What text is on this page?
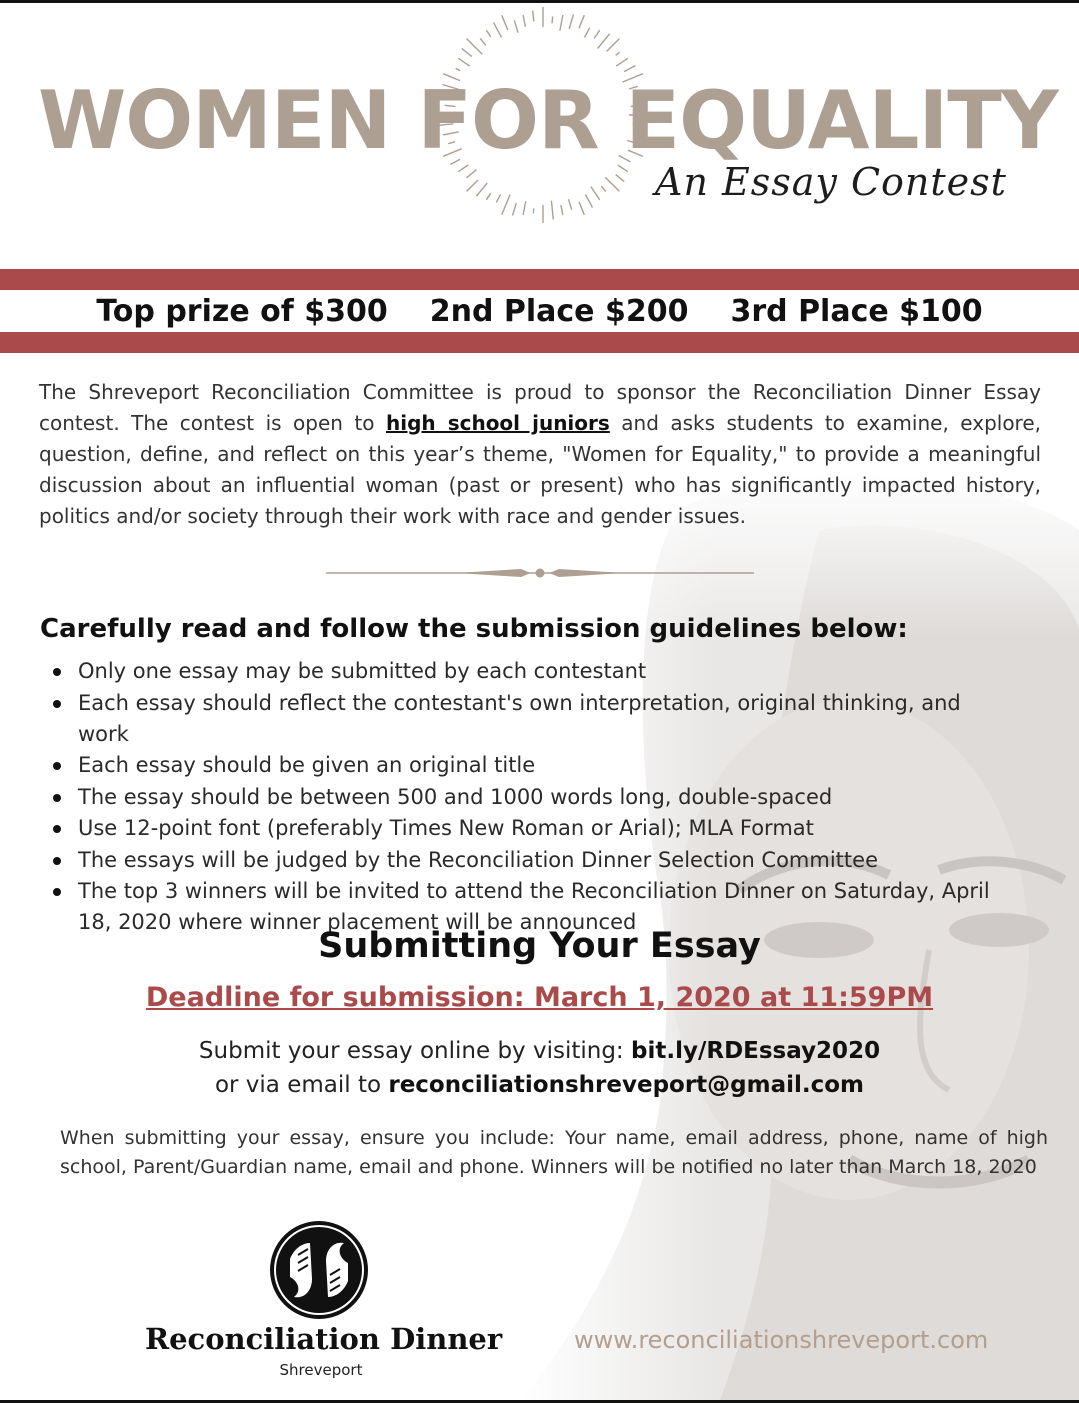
WOMEN FOR EQUALITY
An Essay Contest
Top prize of $300 2nd Place $200 3rd Place $100
The Shreveport Reconciliation Committee is proud to sponsor the Reconciliation Dinner Essay contest. The contest is open to high school juniors and asks students to examine, explore, question, define, and reflect on this year’s theme, "Women for Equality," to provide a meaningful discussion about an influential woman (past or present) who has significantly impacted history, politics and/or society through their work with race and gender issues.
Carefully read and follow the submission guidelines below:
Only one essay may be submitted by each contestant
Each essay should reflect the contestant's own interpretation, original thinking, and work
Each essay should be given an original title
The essay should be between 500 and 1000 words long, double-spaced
Use 12-point font (preferably Times New Roman or Arial); MLA Format
The essays will be judged by the Reconciliation Dinner Selection Committee
The top 3 winners will be invited to attend the Reconciliation Dinner on Saturday, April 18, 2020 where winner placement will be announced
Submitting Your Essay
Deadline for submission: March 1, 2020 at 11:59PM
Submit your essay online by visiting: bit.ly/RDEssay2020
or via email to reconciliationshreveport@gmail.com
When submitting your essay, ensure you include: Your name, email address, phone, name of high school, Parent/Guardian name, email and phone. Winners will be notified no later than March 18, 2020
Reconciliation Dinner
Shreveport
www.reconciliationshreveport.com
